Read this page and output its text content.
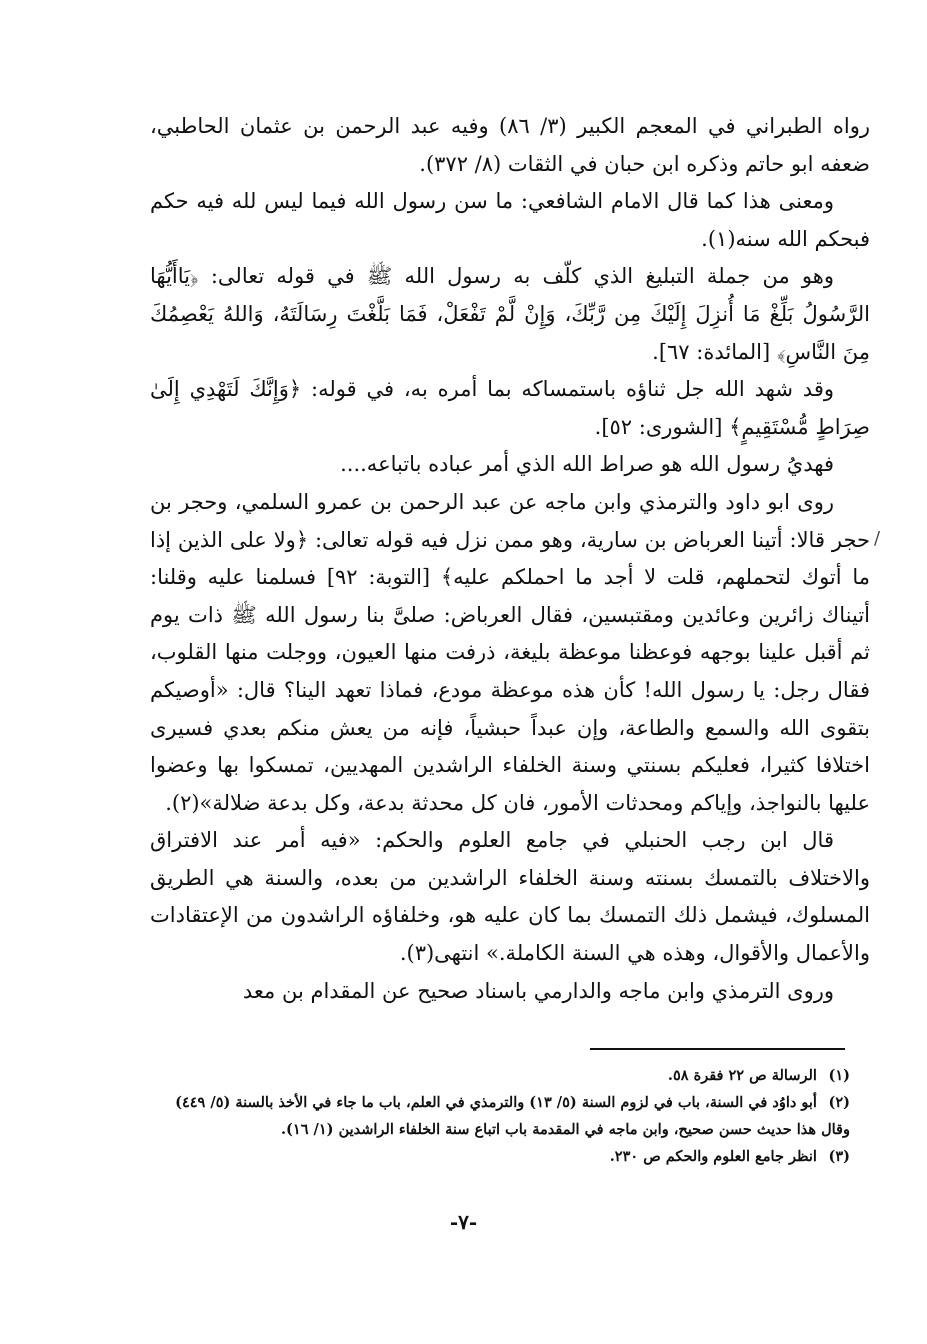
رواه الطبراني في المعجم الكبير (٣/ ٨٦) وفيه عبد الرحمن بن عثمان الحاطبي، ضعفه ابو حاتم وذكره ابن حبان في الثقات (٨/ ٣٧٢).

ومعنى هذا كما قال الامام الشافعي: ما سن رسول الله فيما ليس لله فيه حكم فبحكم الله سنه(١).

وهو من جملة التبليغ الذي كلّف به رسول الله ﷺ في قوله تعالى: ﴿يَاأَيُّهَا الرَّسُولُ بَلِّغْ مَا أُنزِلَ إِلَيْكَ مِن رَّبِّكَ، وَإِنْ لَّمْ تَفْعَلْ، فَمَا بَلَّغْتَ رِسَالَتَهُ، وَاللهُ يَعْصِمُكَ مِنَ النَّاسِ﴾ [المائدة: ٦٧].

وقد شهد الله جل ثناؤه باستمساكه بما أمره به، في قوله: ﴿وَإِنَّكَ لَتَهْدِي إِلَىٰ صِرَاطٍ مُّسْتَقِيمٍ﴾ [الشورى: ٥٢].

فهديُ رسول الله هو صراط الله الذي أمر عباده باتباعه....

روى ابو داود والترمذي وابن ماجه عن عبد الرحمن بن عمرو السلمي، وحجر بن حجر قالا: أتينا العرباض بن سارية، وهو ممن نزل فيه قوله تعالى: ﴿ولا على الذين إذا ما أتوك لتحملهم، قلت لا أجد ما احملكم عليه﴾ [التوبة: ٩٢] فسلمنا عليه وقلنا: أتيناك زائرين وعائدين ومقتبسين، فقال العرباض: صلىَّ بنا رسول الله ﷺ ذات يوم ثم أقبل علينا بوجهه فوعظنا موعظة بليغة، ذرفت منها العيون، ووجلت منها القلوب، فقال رجل: يا رسول الله! كأن هذه موعظة مودع، فماذا تعهد الينا؟ قال: «أوصيكم بتقوى الله والسمع والطاعة، وإن عبداً حبشياً، فإنه من يعش منكم بعدي فسيرى اختلافا كثيرا، فعليكم بسنتي وسنة الخلفاء الراشدين المهديين، تمسكوا بها وعضوا عليها بالنواجذ، وإياكم ومحدثات الأمور، فان كل محدثة بدعة، وكل بدعة ضلالة»(٢).

قال ابن رجب الحنبلي في جامع العلوم والحكم: «فيه أمر عند الافتراق والاختلاف بالتمسك بسنته وسنة الخلفاء الراشدين من بعده، والسنة هي الطريق المسلوك، فيشمل ذلك التمسك بما كان عليه هو، وخلفاؤه الراشدون من الإعتقادات والأعمال والأقوال، وهذه هي السنة الكاملة.» انتهى(٣).

وروى الترمذي وابن ماجه والدارمي باسناد صحيح عن المقدام بن معد

/

(١) الرسالة ص ٢٢ فقرة ٥٨.

(٢) أبو داوُد في السنة، باب في لزوم السنة (٥/ ١٣) والترمذي في العلم، باب ما جاء في الأخذ بالسنة (٥/ ٤٤٩)

وقال هذا حديث حسن صحيح، وابن ماجه في المقدمة باب اتباع سنة الخلفاء الراشدين (١/ ١٦).

(٣) انظر جامع العلوم والحكم ص ٢٣٠.

-٧-
